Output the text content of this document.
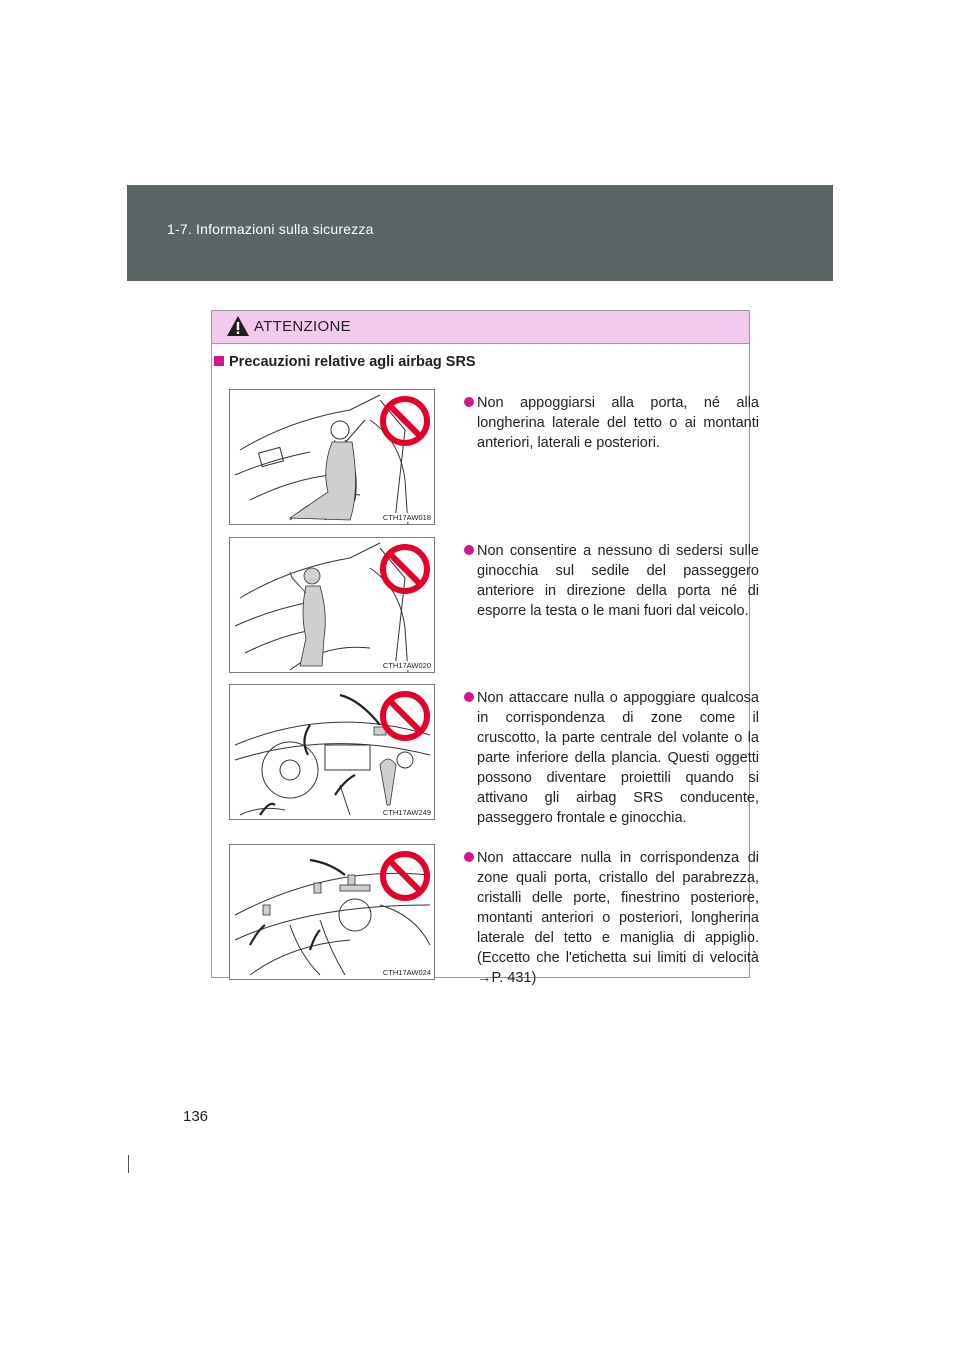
1-7. Informazioni sulla sicurezza
ATTENZIONE
Precauzioni relative agli airbag SRS
CTH17AW018
Non appoggiarsi alla porta, né alla longherina laterale del tetto o ai montanti anteriori, laterali e posteriori.
CTH17AW020
Non consentire a nessuno di sedersi sulle ginocchia sul sedile del passeggero anteriore in direzione della porta né di esporre la testa o le mani fuori dal veicolo.
CTH17AW249
Non attaccare nulla o appoggiare qualcosa in corrispondenza di zone come il cruscotto, la parte centrale del volante o la parte inferiore della plancia. Questi oggetti possono diventare proiettili quando si attivano gli airbag SRS conducente, passeggero frontale e ginocchia.
CTH17AW024
Non attaccare nulla in corrispondenza di zone quali porta, cristallo del parabrezza, cristalli delle porte, finestrino posteriore, montanti anteriori o posteriori, longherina laterale del tetto e maniglia di appiglio. (Eccetto che l'etichetta sui limiti di velocità →P. 431)
136
